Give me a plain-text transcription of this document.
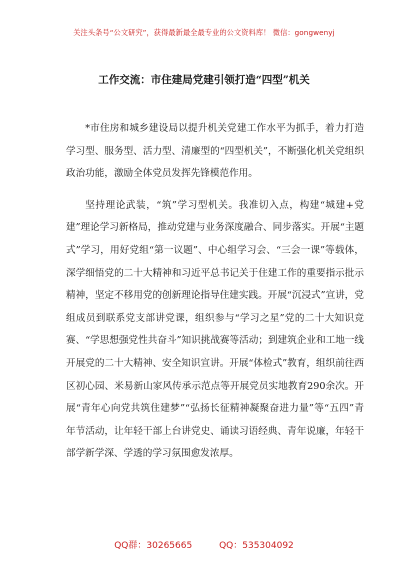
关注头条号“公文研究”，获得最新最全最专业的公文资料库！ 微信：gongwenyj
工作交流：市住建局党建引领打造“四型”机关

*市住房和城乡建设局以提升机关党建工作水平为抓手，着力打造学习型、服务型、活力型、清廉型的“四型机关”，不断强化机关党组织政治功能，激励全体党员发挥先锋模范作用。

坚持理论武装，“筑”学习型机关。我准切入点，构建“城建+党建”理论学习新格局，推动党建与业务深度融合、同步落实。开展“主题式”学习，用好党组“第一议题”、中心组学习会、“三会一课”等载体，深学细悟党的二十大精神和习近平总书记关于住建工作的重要指示批示精神，坚定不移用党的创新理论指导住建实践。开展“沉浸式”宣讲，党组成员到联系党支部讲党课，组织参与“学习之星”党的二十大知识竞赛、“学思想强党性共奋斗”知识挑战赛等活动；到建筑企业和工地一线开展党的二十大精神、安全知识宣讲。开展“体检式”教育，组织前往西区初心园、米易新山家风传承示范点等开展党员实地教育290余次。开展“青年心向党共筑住建梦”“弘扬长征精神凝聚奋进力量”等“五四”青年节活动，让年轻干部上台讲党史、诵读习语经典、青年说廉，年轻干部学新学深、学透的学习氛围愈发浓厚。

QQ群：30265665	QQ：535304092
